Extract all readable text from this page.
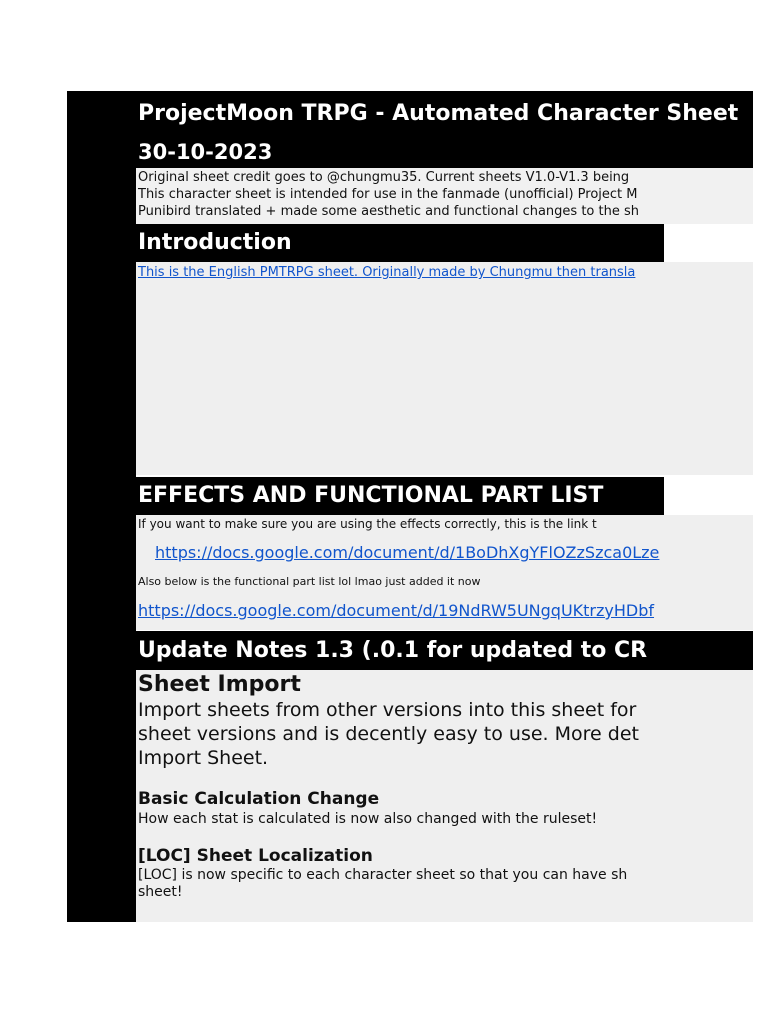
ProjectMoon TRPG - Automated Character Sheet
30-10-2023
Original sheet credit goes to @chungmu35. Current sheets V1.0-V1.3 being
This character sheet is intended for use in the fanmade (unofficial) Project M
Punibird translated + made some aesthetic and functional changes to the sh
Introduction
This is the English PMTRPG sheet. Originally made by Chungmu then transla
EFFECTS AND FUNCTIONAL PART LIST
If you want to make sure you are using the effects correctly, this is the link t
https://docs.google.com/document/d/1BoDhXgYFlOZzSzca0Lze
Also below is the functional part list lol lmao just added it now
https://docs.google.com/document/d/19NdRW5UNgqUKtrzyHDbf
Update Notes 1.3 (.0.1 for updated to CR
Sheet Import
Import sheets from other versions into this sheet for
sheet versions and is decently easy to use. More det
Import Sheet.
Basic Calculation Change
How each stat is calculated is now also changed with the ruleset!
[LOC] Sheet Localization
[LOC] is now specific to each character sheet so that you can have sh
sheet!
